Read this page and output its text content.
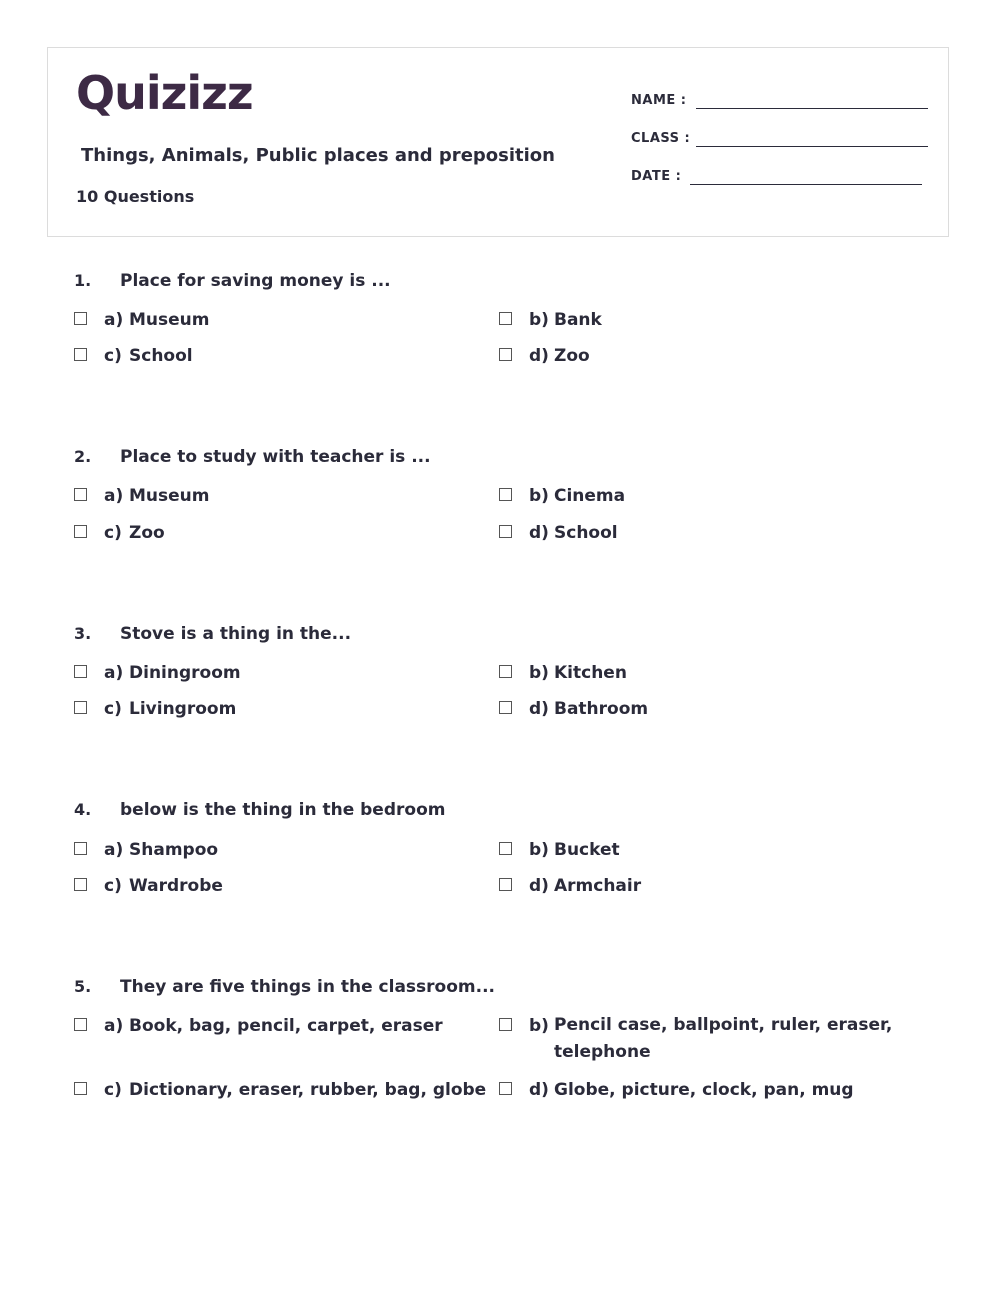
Quizizz
Things, Animals, Public places and preposition
10 Questions
NAME :
CLASS :
DATE :
1. Place for saving money is ...
a) Museum	b) Bank
c) School	d) Zoo
2. Place to study with teacher is ...
a) Museum	b) Cinema
c) Zoo	d) School
3. Stove is a thing in the...
a) Diningroom	b) Kitchen
c) Livingroom	d) Bathroom
4. below is the thing in the bedroom
a) Shampoo	b) Bucket
c) Wardrobe	d) Armchair
5. They are five things in the classroom...
a) Book, bag, pencil, carpet, eraser	b) Pencil case, ballpoint, ruler, eraser, telephone
c) Dictionary, eraser, rubber, bag, globe	d) Globe, picture, clock, pan, mug
